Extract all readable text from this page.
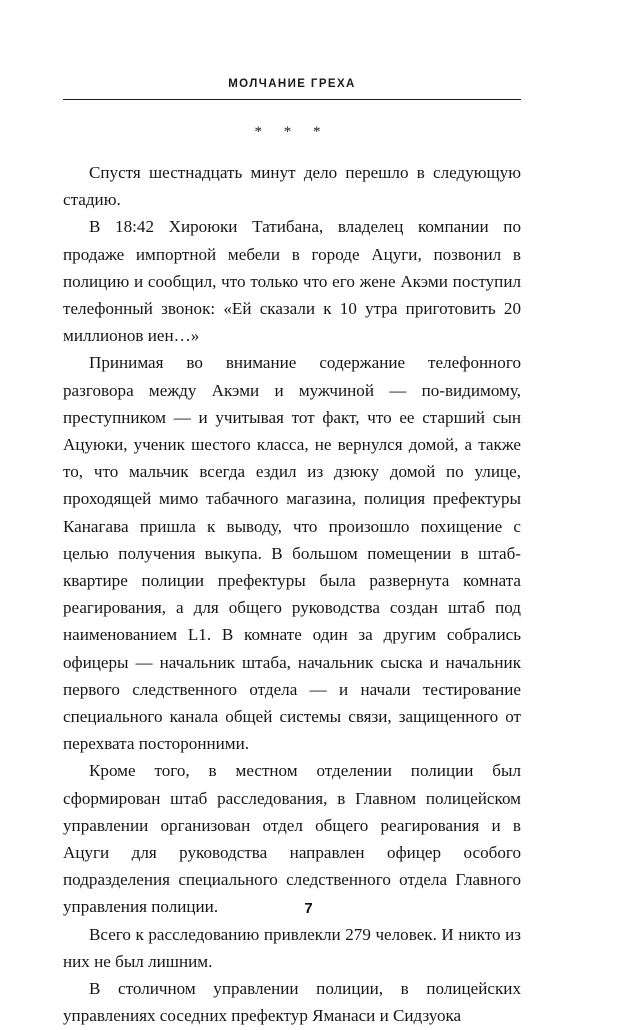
МОЛЧАНИЕ ГРЕХА
* * *

Спустя шестнадцать минут дело перешло в следующую стадию.

В 18:42 Хироюки Татибана, владелец компании по продаже импортной мебели в городе Ацуги, позвонил в полицию и сообщил, что только что его жене Акэми поступил телефонный звонок: «Ей сказали к 10 утра приготовить 20 миллионов иен…»

Принимая во внимание содержание телефонного разговора между Акэми и мужчиной — по-видимому, преступником — и учитывая тот факт, что ее старший сын Ацуюки, ученик шестого класса, не вернулся домой, а также то, что мальчик всегда ездил из дзюку домой по улице, проходящей мимо табачного магазина, полиция префектуры Канагава пришла к выводу, что произошло похищение с целью получения выкупа. В большом помещении в штаб-квартире полиции префектуры была развернута комната реагирования, а для общего руководства создан штаб под наименованием L1. В комнате один за другим собрались офицеры — начальник штаба, начальник сыска и начальник первого следственного отдела — и начали тестирование специального канала общей системы связи, защищенного от перехвата посторонними.

Кроме того, в местном отделении полиции был сформирован штаб расследования, в Главном полицейском управлении организован отдел общего реагирования и в Ацуги для руководства направлен офицер особого подразделения специального следственного отдела Главного управления полиции.

Всего к расследованию привлекли 279 человек. И никто из них не был лишним.

В столичном управлении полиции, в полицейских управлениях соседних префектур Яманаси и Сидзуока

7
